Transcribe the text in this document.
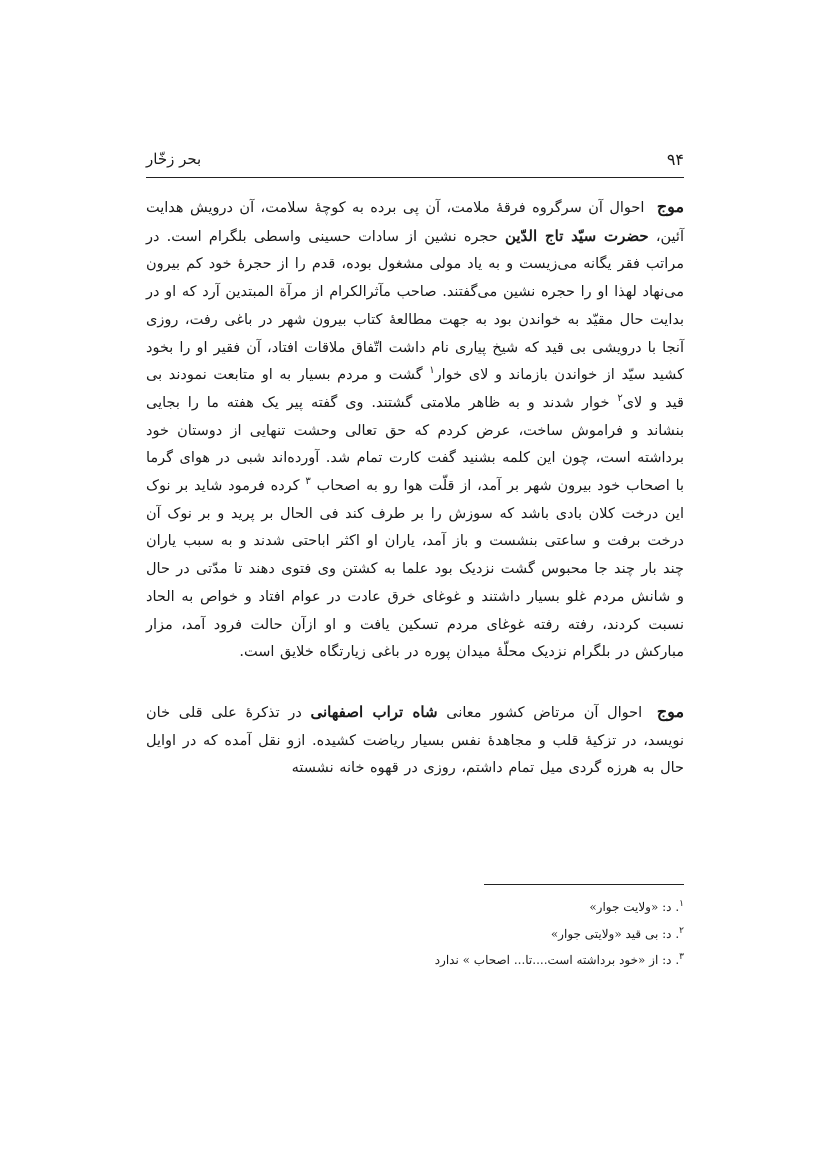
۹۴
بحر زخّار

موج احوال آن سرگروه فرقهٔ ملامت، آن پی برده به کوچهٔ سلامت، آن درویش هدایت آئین، حضرت سیّد تاج الدّین حجره نشین از سادات حسینی واسطی بلگرام است. در مراتب فقر یگانه می‌زیست و به یاد مولی مشغول بوده، قدم را از حجرهٔ خود کم بیرون می‌نهاد لهذا او را حجره نشین می‌گفتند. صاحب مآثرالکرام از مرآة المبتدین آرد که او در بدایت حال مقیّد به خواندن بود به جهت مطالعهٔ کتاب بیرون شهر در باغی رفت، روزی آنجا با درویشی بی قید که شیخ پیاری نام داشت اتّفاق ملاقات افتاد، آن فقیر او را بخود کشید سیّد از خواندن بازماند و لای خوار$^۱$ گشت و مردم بسیار به او متابعت نمودند بی قید و لای$^۲$ خوار شدند و به ظاهر ملامتی گشتند. وی گفته پیر یک هفته ما را بجایی بنشاند و فراموش ساخت، عرض کردم که حق تعالی وحشت تنهایی از دوستان خود برداشته است، چون این کلمه بشنید گفت کارت تمام شد. آورده‌اند شبی در هوای گرما با اصحاب خود بیرون شهر بر آمد، از قلّت هوا رو به اصحاب $^۳$ کرده فرمود شاید بر نوک این درخت کلان بادی باشد که سوزش را بر طرف کند فی الحال بر پرید و بر نوک آن درخت برفت و ساعتی بنشست و باز آمد، یاران او اکثر اباحتی شدند و به سبب یاران چند بار چند جا محبوس گشت نزدیک بود علما به کشتن وی فتوی دهند تا مدّتی در حال و شانش مردم غلو بسیار داشتند و غوغای خرق عادت در عوام افتاد و خواص به الحاد نسبت کردند، رفته رفته غوغای مردم تسکین یافت و او ازآن حالت فرود آمد، مزار مبارکش در بلگرام نزدیک محلّهٔ میدان پوره در باغی زیارتگاه خلایق است.

موج احوال آن مرتاض کشور معانی شاه تراب اصفهانی در تذکرهٔ علی قلی خان نویسد، در تزکیهٔ قلب و مجاهدهٔ نفس بسیار ریاضت کشیده. ازو نقل آمده که در اوایل حال به هرزه گردی میل تمام داشتم، روزی در قهوه خانه نشسته

$^۱$. د: «ولایت جوار»

$^۲$. د: بی قید «ولایتی جوار»

$^۳$. د: از «خود برداشته است....تا... اصحاب » ندارد
